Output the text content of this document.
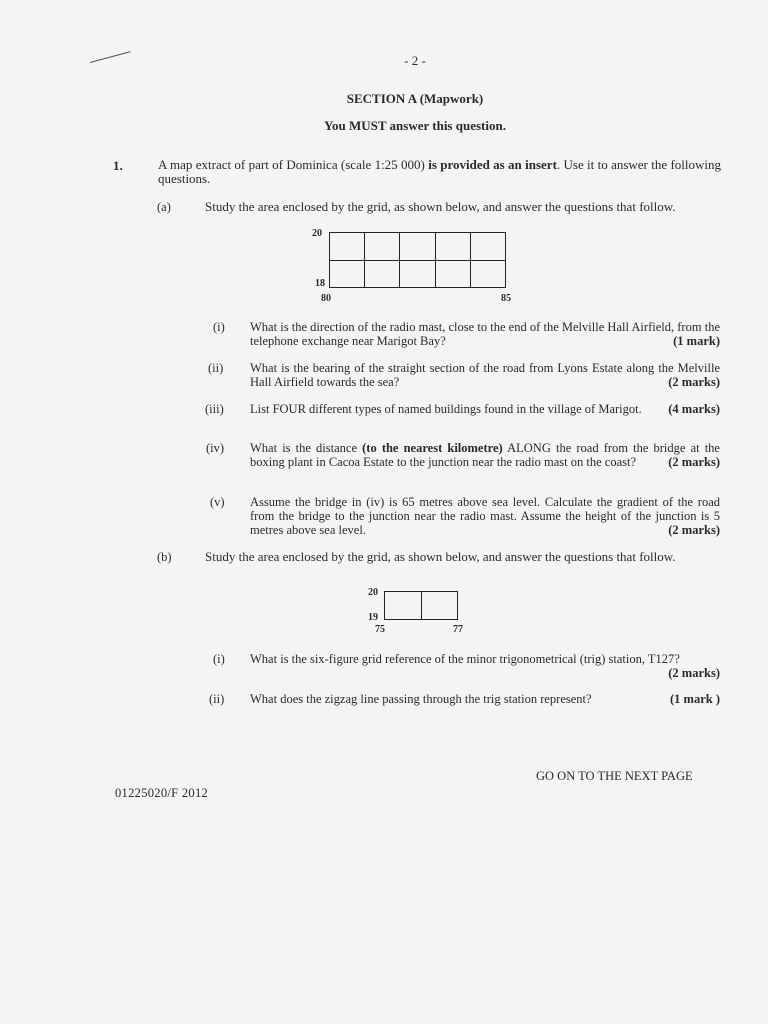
- 2 -
SECTION A (Mapwork)
You MUST answer this question.
1.	A map extract of part of Dominica (scale 1:25 000) is provided as an insert. Use it to answer the following questions.
(a)	Study the area enclosed by the grid, as shown below, and answer the questions that follow.
20
18
80	85

(i) What is the direction of the radio mast, close to the end of the Melville Hall Airfield, from the telephone exchange near Marigot Bay?	(1 mark)
(ii) What is the bearing of the straight section of the road from Lyons Estate along the Melville Hall Airfield towards the sea?	(2 marks)
(iii) List FOUR different types of named buildings found in the village of Marigot. (4 marks)
(iv) What is the distance (to the nearest kilometre) ALONG the road from the bridge at the boxing plant in Cacoa Estate to the junction near the radio mast on the coast?	(2 marks)
(v) Assume the bridge in (iv) is 65 metres above sea level. Calculate the gradient of the road from the bridge to the junction near the radio mast. Assume the height of the junction is 5 metres above sea level.	(2 marks)
(b)	Study the area enclosed by the grid, as shown below, and answer the questions that follow.
20
19
75	77

(i) What is the six-figure grid reference of the minor trigonometrical (trig) station, T127?
(2 marks)
(ii) What does the zigzag line passing through the trig station represent?	(1 mark )
GO ON TO THE NEXT PAGE
01225020/F 2012
